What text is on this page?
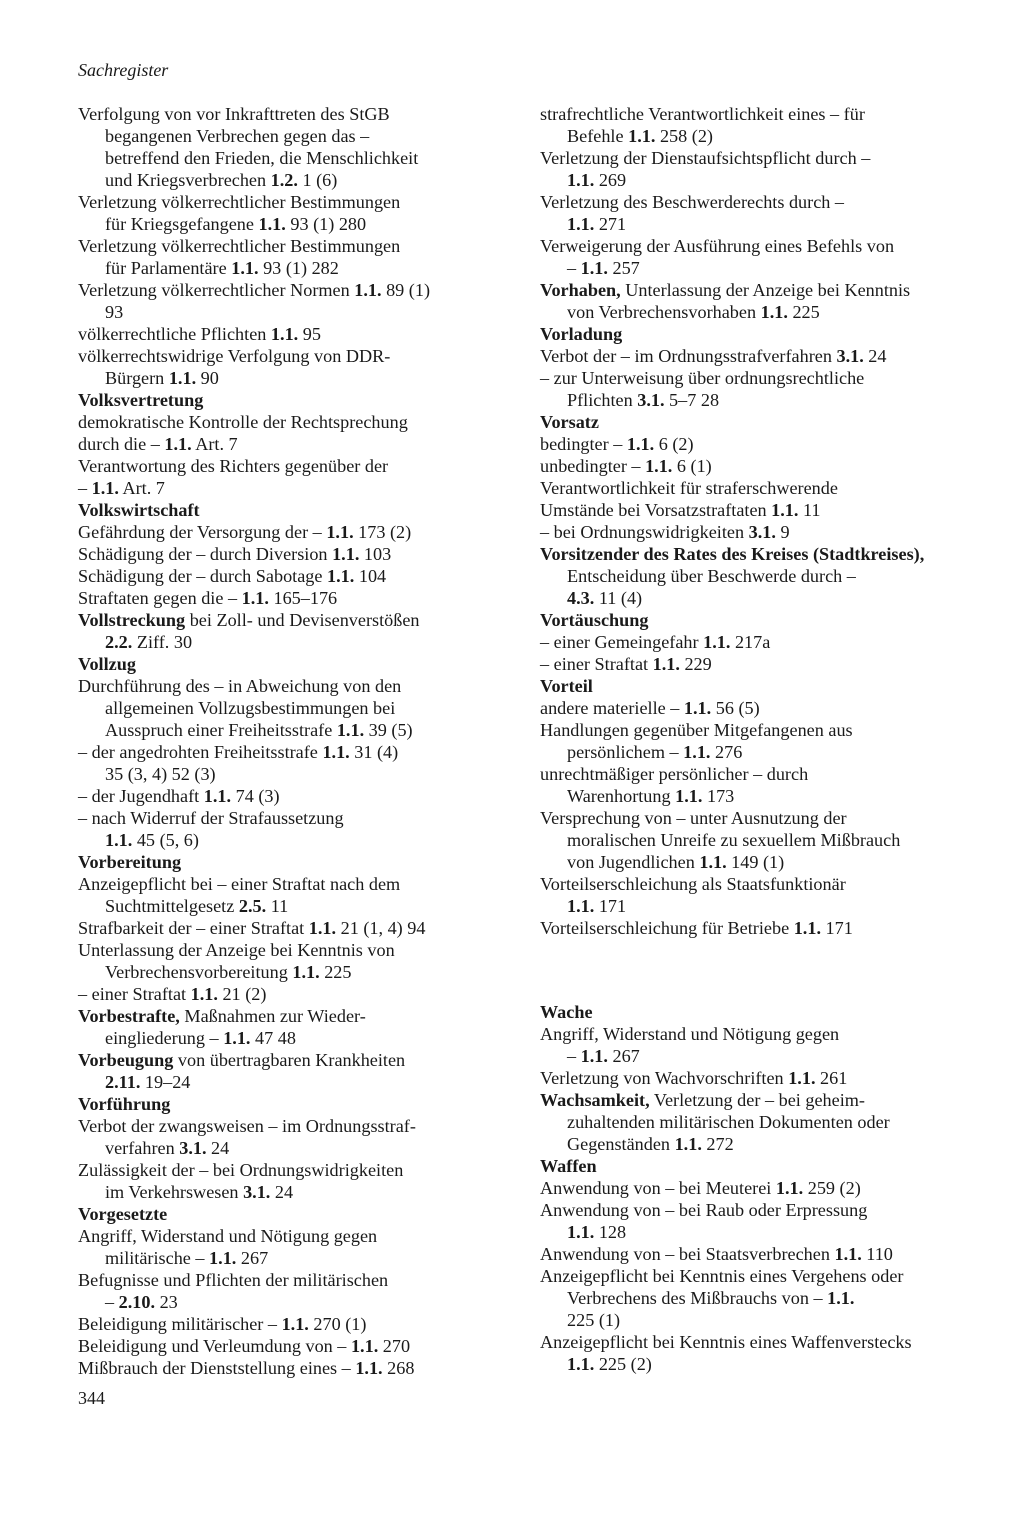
Sachregister
Verfolgung von vor Inkrafttreten des StGB
begangenen Verbrechen gegen das –
betreffend den Frieden, die Menschlichkeit
und Kriegsverbrechen 1.2. 1 (6)
Verletzung völkerrechtlicher Bestimmungen
für Kriegsgefangene 1.1. 93 (1) 280
Verletzung völkerrechtlicher Bestimmungen
für Parlamentäre 1.1. 93 (1) 282
Verletzung völkerrechtlicher Normen 1.1. 89 (1)
93
völkerrechtliche Pflichten 1.1. 95
völkerrechtswidrige Verfolgung von DDR-
Bürgern 1.1. 90
Volksvertretung
demokratische Kontrolle der Rechtsprechung
durch die – 1.1. Art. 7
Verantwortung des Richters gegenüber der
– 1.1. Art. 7
Volkswirtschaft
Gefährdung der Versorgung der – 1.1. 173 (2)
Schädigung der – durch Diversion 1.1. 103
Schädigung der – durch Sabotage 1.1. 104
Straftaten gegen die – 1.1. 165–176
Vollstreckung bei Zoll- und Devisenverstößen
2.2. Ziff. 30
Vollzug
Durchführung des – in Abweichung von den
allgemeinen Vollzugsbestimmungen bei
Ausspruch einer Freiheitsstrafe 1.1. 39 (5)
– der angedrohten Freiheitsstrafe 1.1. 31 (4)
35 (3, 4) 52 (3)
– der Jugendhaft 1.1. 74 (3)
– nach Widerruf der Strafaussetzung
1.1. 45 (5, 6)
Vorbereitung
Anzeigepflicht bei – einer Straftat nach dem
Suchtmittelgesetz 2.5. 11
Strafbarkeit der – einer Straftat 1.1. 21 (1, 4) 94
Unterlassung der Anzeige bei Kenntnis von
Verbrechensvorbereitung 1.1. 225
– einer Straftat 1.1. 21 (2)
Vorbestrafte, Maßnahmen zur Wieder-
eingliederung – 1.1. 47 48
Vorbeugung von übertragbaren Krankheiten
2.11. 19–24
Vorführung
Verbot der zwangsweisen – im Ordnungsstraf-
verfahren 3.1. 24
Zulässigkeit der – bei Ordnungswidrigkeiten
im Verkehrswesen 3.1. 24
Vorgesetzte
Angriff, Widerstand und Nötigung gegen
militärische – 1.1. 267
Befugnisse und Pflichten der militärischen
– 2.10. 23
Beleidigung militärischer – 1.1. 270 (1)
Beleidigung und Verleumdung von – 1.1. 270
Mißbrauch der Dienststellung eines – 1.1. 268
strafrechtliche Verantwortlichkeit eines – für
Befehle 1.1. 258 (2)
Verletzung der Dienstaufsichtspflicht durch –
1.1. 269
Verletzung des Beschwerderechts durch –
1.1. 271
Verweigerung der Ausführung eines Befehls von
– 1.1. 257
Vorhaben, Unterlassung der Anzeige bei Kenntnis
von Verbrechensvorhaben 1.1. 225
Vorladung
Verbot der – im Ordnungsstrafverfahren 3.1. 24
– zur Unterweisung über ordnungsrechtliche
Pflichten 3.1. 5–7 28
Vorsatz
bedingter – 1.1. 6 (2)
unbedingter – 1.1. 6 (1)
Verantwortlichkeit für straferschwerende
Umstände bei Vorsatzstraftaten 1.1. 11
– bei Ordnungswidrigkeiten 3.1. 9
Vorsitzender des Rates des Kreises (Stadtkreises),
Entscheidung über Beschwerde durch –
4.3. 11 (4)
Vortäuschung
– einer Gemeingefahr 1.1. 217a
– einer Straftat 1.1. 229
Vorteil
andere materielle – 1.1. 56 (5)
Handlungen gegenüber Mitgefangenen aus
persönlichem – 1.1. 276
unrechtmäßiger persönlicher – durch
Warenhortung 1.1. 173
Versprechung von – unter Ausnutzung der
moralischen Unreife zu sexuellem Mißbrauch
von Jugendlichen 1.1. 149 (1)
Vorteilserschleichung als Staatsfunktionär
1.1. 171
Vorteilserschleichung für Betriebe 1.1. 171
Wache
Angriff, Widerstand und Nötigung gegen
– 1.1. 267
Verletzung von Wachvorschriften 1.1. 261
Wachsamkeit, Verletzung der – bei geheim-
zuhaltenden militärischen Dokumenten oder
Gegenständen 1.1. 272
Waffen
Anwendung von – bei Meuterei 1.1. 259 (2)
Anwendung von – bei Raub oder Erpressung
1.1. 128
Anwendung von – bei Staatsverbrechen 1.1. 110
Anzeigepflicht bei Kenntnis eines Vergehens oder
Verbrechens des Mißbrauchs von – 1.1.
225 (1)
Anzeigepflicht bei Kenntnis eines Waffenverstecks
1.1. 225 (2)
344
